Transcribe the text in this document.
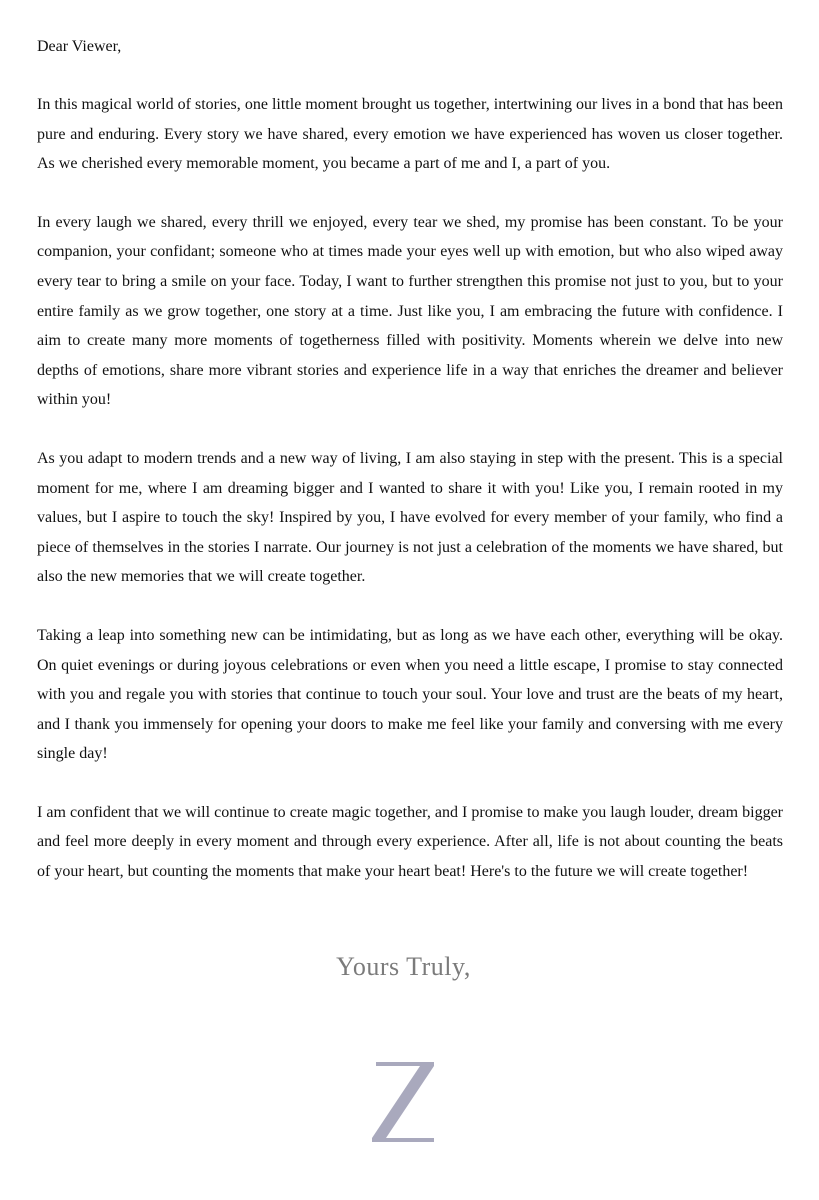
Dear Viewer,

In this magical world of stories, one little moment brought us together, intertwining our lives in a bond that has been pure and enduring. Every story we have shared, every emotion we have experienced has woven us closer together. As we cherished every memorable moment, you became a part of me and I, a part of you.

In every laugh we shared, every thrill we enjoyed, every tear we shed, my promise has been constant. To be your companion, your confidant; someone who at times made your eyes well up with emotion, but who also wiped away every tear to bring a smile on your face. Today, I want to further strengthen this promise not just to you, but to your entire family as we grow together, one story at a time. Just like you, I am embracing the future with confidence. I aim to create many more moments of togetherness filled with positivity. Moments wherein we delve into new depths of emotions, share more vibrant stories and experience life in a way that enriches the dreamer and believer within you!

As you adapt to modern trends and a new way of living, I am also staying in step with the present. This is a special moment for me, where I am dreaming bigger and I wanted to share it with you! Like you, I remain rooted in my values, but I aspire to touch the sky! Inspired by you, I have evolved for every member of your family, who find a piece of themselves in the stories I narrate. Our journey is not just a celebration of the moments we have shared, but also the new memories that we will create together.

Taking a leap into something new can be intimidating, but as long as we have each other, everything will be okay. On quiet evenings or during joyous celebrations or even when you need a little escape, I promise to stay connected with you and regale you with stories that continue to touch your soul. Your love and trust are the beats of my heart, and I thank you immensely for opening your doors to make me feel like your family and conversing with me every single day!

I am confident that we will continue to create magic together, and I promise to make you laugh louder, dream bigger and feel more deeply in every moment and through every experience. After all, life is not about counting the beats of your heart, but counting the moments that make your heart beat! Here's to the future we will create together!

Yours Truly,
